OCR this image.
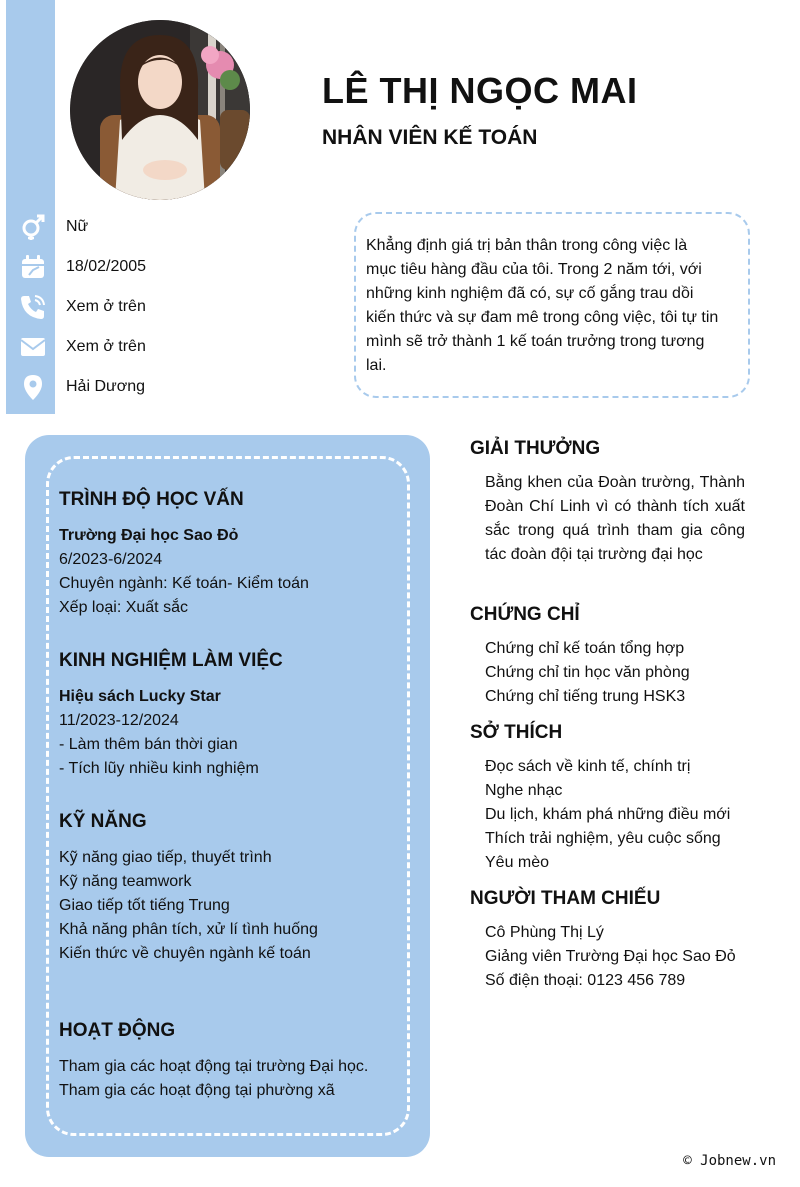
LÊ THỊ NGỌC MAI
NHÂN VIÊN KẾ TOÁN
Nữ
18/02/2005
Xem ở trên
Xem ở trên
Hải Dương
Khẳng định giá trị bản thân trong công việc là mục tiêu hàng đầu của tôi. Trong 2 năm tới, với những kinh nghiệm đã có, sự cố gắng trau dồi kiến thức và sự đam mê trong công việc, tôi tự tin mình sẽ trở thành 1 kế toán trưởng trong tương lai.
TRÌNH ĐỘ HỌC VẤN
Trường Đại học Sao Đỏ
6/2023-6/2024
Chuyên ngành: Kế toán- Kiểm toán
Xếp loại: Xuất sắc
KINH NGHIỆM LÀM VIỆC
Hiệu sách Lucky Star
11/2023-12/2024
- Làm thêm bán thời gian
- Tích lũy nhiều kinh nghiệm
KỸ NĂNG
Kỹ năng giao tiếp, thuyết trình
Kỹ năng teamwork
Giao tiếp tốt tiếng Trung
Khả năng phân tích, xử lí tình huống
Kiến thức về chuyên ngành kế toán
HOẠT ĐỘNG
Tham gia các hoạt động tại trường Đại học.
Tham gia các hoạt động tại phường xã
GIẢI THƯỞNG
Bằng khen của Đoàn trường, Thành Đoàn Chí Linh vì có thành tích xuất sắc trong quá trình tham gia công tác đoàn đội tại trường đại học
CHỨNG CHỈ
Chứng chỉ kế toán tổng hợp
Chứng chỉ tin học văn phòng
Chứng chỉ tiếng trung HSK3
SỞ THÍCH
Đọc sách về kinh tế, chính trị
Nghe nhạc
Du lịch, khám phá những điều mới
Thích trải nghiệm, yêu cuộc sống
Yêu mèo
NGƯỜI THAM CHIẾU
Cô Phùng Thị Lý
Giảng viên Trường Đại học Sao Đỏ
Số điện thoại: 0123 456 789
© Jobnew.vn
